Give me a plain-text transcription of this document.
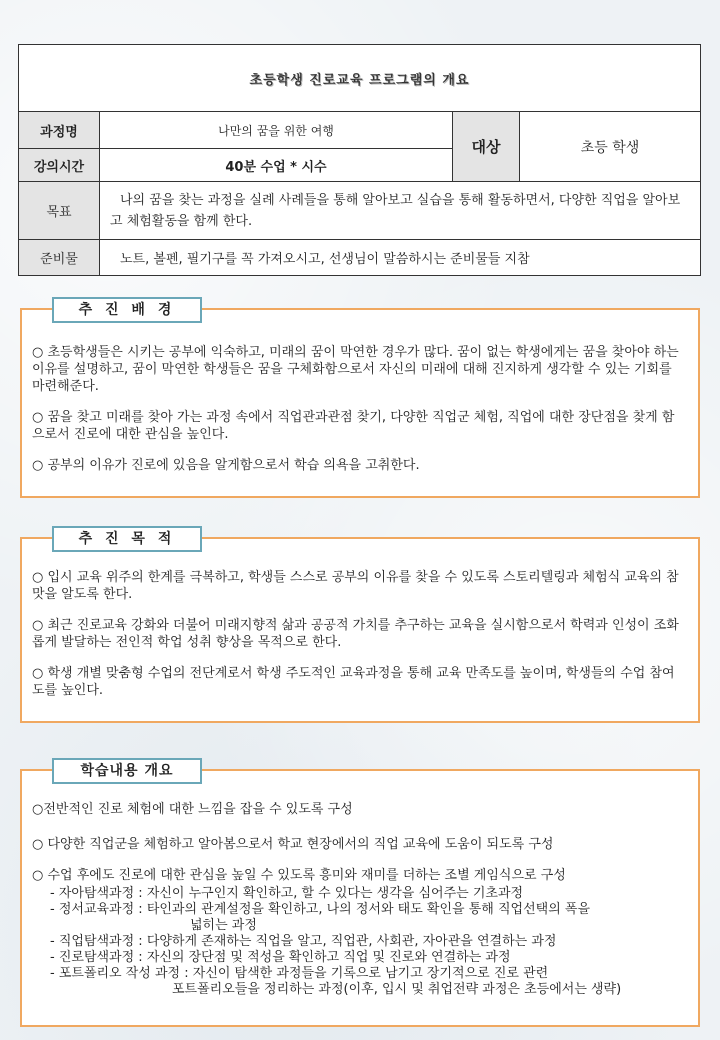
초등학생 진로교육 프로그램의 개요			
과정명	나만의 꿈을 위한 여행	대상	초등 학생
강의시간	40분 수업 * 시수		
목표	나의 꿈을 찾는 과정을 실례 사례들을 통해 알아보고 실습을 통해 활동하면서, 다양한 직업을 알아보고 체험활동을 함께 한다.		
준비물	노트, 볼펜, 필기구를 꼭 가져오시고, 선생님이 말씀하시는 준비물들 지참		
추 진 배 경

○ 초등학생들은 시키는 공부에 익숙하고, 미래의 꿈이 막연한 경우가 많다. 꿈이 없는 학생에게는 꿈을 찾아야 하는 이유를 설명하고, 꿈이 막연한 학생들은 꿈을 구체화함으로서 자신의 미래에 대해 진지하게 생각할 수 있는 기회를 마련해준다.

○ 꿈을 찾고 미래를 찾아 가는 과정 속에서 직업관과관점 찾기, 다양한 직업군 체험, 직업에 대한 장단점을 찾게 함으로서 진로에 대한 관심을 높인다.

○ 공부의 이유가 진로에 있음을 알게함으로서 학습 의욕을 고취한다.

추 진 목 적

○ 입시 교육 위주의 한계를 극복하고, 학생들 스스로 공부의 이유를 찾을 수 있도록 스토리텔링과 체험식 교육의 참맛을 알도록 한다.

○ 최근 진로교육 강화와 더불어 미래지향적 삶과 공공적 가치를 추구하는 교육을 실시함으로서 학력과 인성이 조화롭게 발달하는 전인적 학업 성취 향상을 목적으로 한다.

○ 학생 개별 맞춤형 수업의 전단계로서 학생 주도적인 교육과정을 통해 교육 만족도를 높이며, 학생들의 수업 참여도를 높인다.

학습내용 개요

○전반적인 진로 체험에 대한 느낌을 잡을 수 있도록 구성

○ 다양한 직업군을 체험하고 알아봄으로서 학교 현장에서의 직업 교육에 도움이 되도록 구성

○ 수업 후에도 진로에 대한 관심을 높일 수 있도록 흥미와 재미를 더하는 조별 게임식으로 구성

- 자아탐색과정 : 자신이 누구인지 확인하고, 할 수 있다는 생각을 심어주는 기초과정
- 정서교육과정 : 타인과의 관계설정을 확인하고, 나의 정서와 태도 확인을 통해 직업선택의 폭을
넓히는 과정
- 직업탐색과정 : 다양하게 존재하는 직업을 알고, 직업관, 사회관, 자아관을 연결하는 과정
- 진로탐색과정 : 자신의 장단점 및 적성을 확인하고 직업 및 진로와 연결하는 과정
- 포트폴리오 작성 과정 : 자신이 탐색한 과정들을 기록으로 남기고 장기적으로 진로 관련
포트폴리오들을 정리하는 과정(이후, 입시 및 취업전략 과정은 초등에서는 생략)
